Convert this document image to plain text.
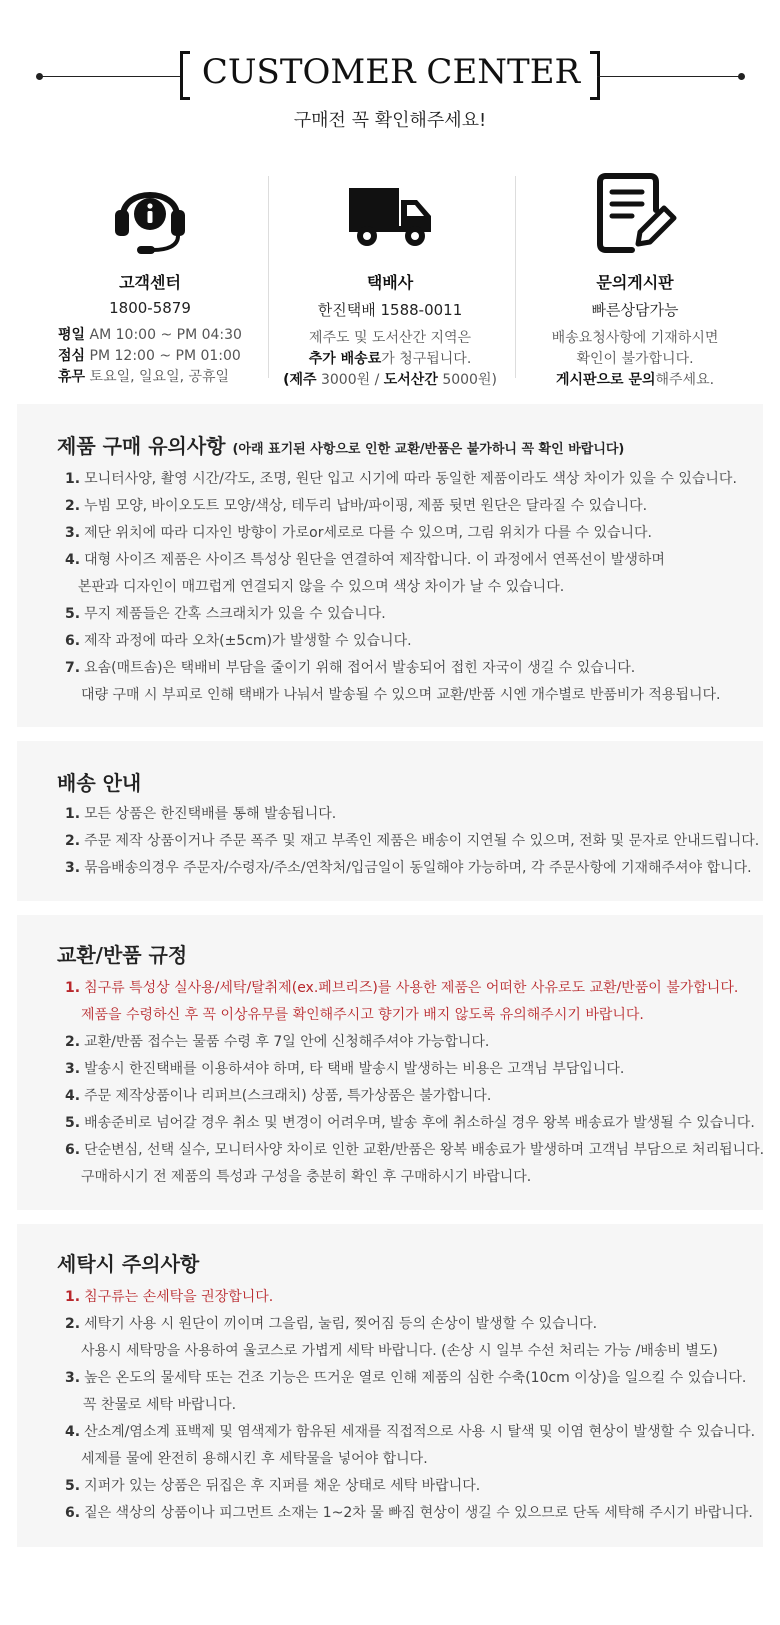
CUSTOMER CENTER
구매전 꼭 확인해주세요!
고객센터
1800-5879
평일 AM 10:00 ~ PM 04:30
점심 PM 12:00 ~ PM 01:00
휴무 토요일, 일요일, 공휴일
택배사
한진택배 1588-0011
제주도 및 도서산간 지역은
추가 배송료가 청구됩니다.
(제주 3000원 / 도서산간 5000원)
문의게시판
빠른상담가능
배송요청사항에 기재하시면
확인이 불가합니다.
게시판으로 문의해주세요.
제품 구매 유의사항 (아래 표기된 사항으로 인한 교환/반품은 불가하니 꼭 확인 바랍니다)
1. 모니터사양, 촬영 시간/각도, 조명, 원단 입고 시기에 따라 동일한 제품이라도 색상 차이가 있을 수 있습니다.
2. 누빔 모양, 바이오도트 모양/색상, 테두리 납바/파이핑, 제품 뒷면 원단은 달라질 수 있습니다.
3. 제단 위치에 따라 디자인 방향이 가로or세로로 다를 수 있으며, 그림 위치가 다를 수 있습니다.
4. 대형 사이즈 제품은 사이즈 특성상 원단을 연결하여 제작합니다. 이 과정에서 연폭선이 발생하며
본판과 디자인이 매끄럽게 연결되지 않을 수 있으며 색상 차이가 날 수 있습니다.
5. 무지 제품들은 간혹 스크래치가 있을 수 있습니다.
6. 제작 과정에 따라 오차(±5cm)가 발생할 수 있습니다.
7. 요솜(매트솜)은 택배비 부담을 줄이기 위해 접어서 발송되어 접힌 자국이 생길 수 있습니다.
대량 구매 시 부피로 인해 택배가 나눠서 발송될 수 있으며 교환/반품 시엔 개수별로 반품비가 적용됩니다.
배송 안내
1. 모든 상품은 한진택배를 통해 발송됩니다.
2. 주문 제작 상품이거나 주문 폭주 및 재고 부족인 제품은 배송이 지연될 수 있으며, 전화 및 문자로 안내드립니다.
3. 묶음배송의경우 주문자/수령자/주소/연착처/입금일이 동일해야 가능하며, 각 주문사항에 기재해주셔야 합니다.
교환/반품 규정
1. 침구류 특성상 실사용/세탁/탈취제(ex.페브리즈)를 사용한 제품은 어떠한 사유로도 교환/반품이 불가합니다.
제품을 수령하신 후 꼭 이상유무를 확인해주시고 향기가 배지 않도록 유의해주시기 바랍니다.
2. 교환/반품 접수는 물품 수령 후 7일 안에 신청해주셔야 가능합니다.
3. 발송시 한진택배를 이용하셔야 하며, 타 택배 발송시 발생하는 비용은 고객님 부담입니다.
4. 주문 제작상품이나 리퍼브(스크래치) 상품, 특가상품은 불가합니다.
5. 배송준비로 넘어갈 경우 취소 및 변경이 어려우며, 발송 후에 취소하실 경우 왕복 배송료가 발생될 수 있습니다.
6. 단순변심, 선택 실수, 모니터사양 차이로 인한 교환/반품은 왕복 배송료가 발생하며 고객님 부담으로 처리됩니다.
구매하시기 전 제품의 특성과 구성을 충분히 확인 후 구매하시기 바랍니다.
세탁시 주의사항
1. 침구류는 손세탁을 권장합니다.
2. 세탁기 사용 시 원단이 끼이며 그을림, 눌림, 찢어짐 등의 손상이 발생할 수 있습니다.
사용시 세탁망을 사용하여 울코스로 가볍게 세탁 바랍니다. (손상 시 일부 수선 처리는 가능 /배송비 별도)
3. 높은 온도의 물세탁 또는 건조 기능은 뜨거운 열로 인해 제품의 심한 수축(10cm 이상)을 일으킬 수 있습니다.
꼭 찬물로 세탁 바랍니다.
4. 산소계/염소계 표백제 및 염색제가 함유된 세재를 직접적으로 사용 시 탈색 및 이염 현상이 발생할 수 있습니다.
세제를 물에 완전히 용해시킨 후 세탁물을 넣어야 합니다.
5. 지퍼가 있는 상품은 뒤집은 후 지퍼를 채운 상태로 세탁 바랍니다.
6. 짙은 색상의 상품이나 피그먼트 소재는 1~2차 물 빠짐 현상이 생길 수 있으므로 단독 세탁해 주시기 바랍니다.
